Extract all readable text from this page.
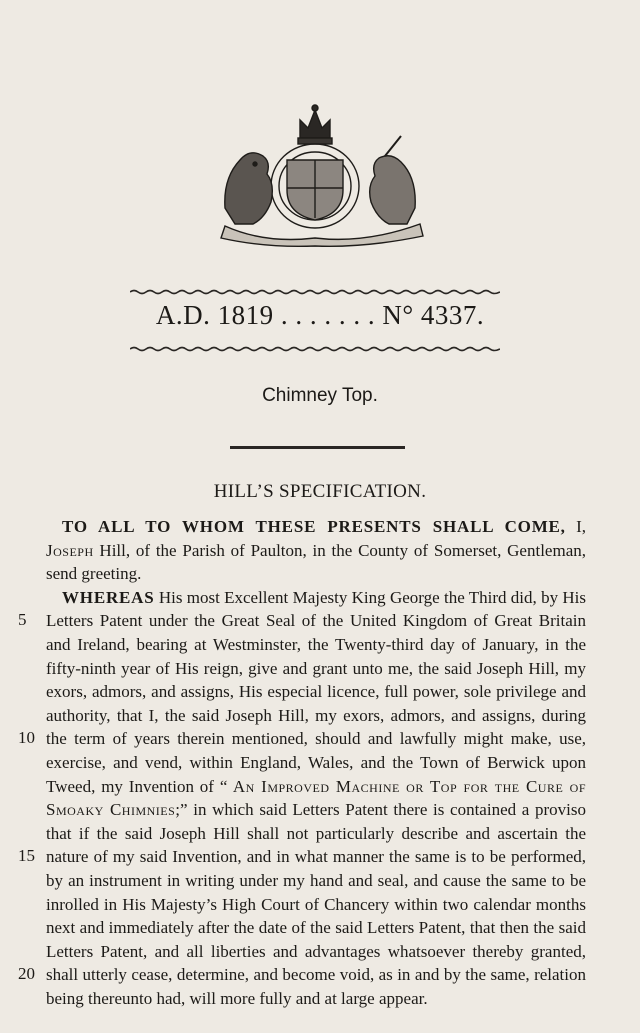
A.D. 1819 . . . . . . . N° 4337.
Chimney Top.
HILL’S SPECIFICATION.

TO ALL TO WHOM THESE PRESENTS SHALL COME, I, Joseph Hill, of the Parish of Paulton, in the County of Somerset, Gentleman, send greeting.

WHEREAS His most Excellent Majesty King George the Third did, by His Letters Patent under the Great Seal of the United Kingdom of Great Britain and Ireland, bearing at Westminster, the Twenty-third day of January, in the fifty-ninth year of His reign, give and grant unto me, the said Joseph Hill, my exors, admors, and assigns, His especial licence, full power, sole privilege and authority, that I, the said Joseph Hill, my exors, admors, and assigns, during the term of years therein mentioned, should and lawfully might make, use, exercise, and vend, within England, Wales, and the Town of Berwick upon Tweed, my Invention of “ An Improved Machine or Top for the Cure of Smoaky Chimnies;” in which said Letters Patent there is contained a proviso that if the said Joseph Hill shall not particularly describe and ascertain the nature of my said Invention, and in what manner the same is to be performed, by an instrument in writing under my hand and seal, and cause the same to be inrolled in His Majesty’s High Court of Chancery within two calendar months next and immediately after the date of the said Letters Patent, that then the said Letters Patent, and all liberties and advantages whatsoever thereby granted, shall utterly cease, determine, and become void, as in and by the same, relation being thereunto had, will more fully and at large appear.

5
10
15
20
